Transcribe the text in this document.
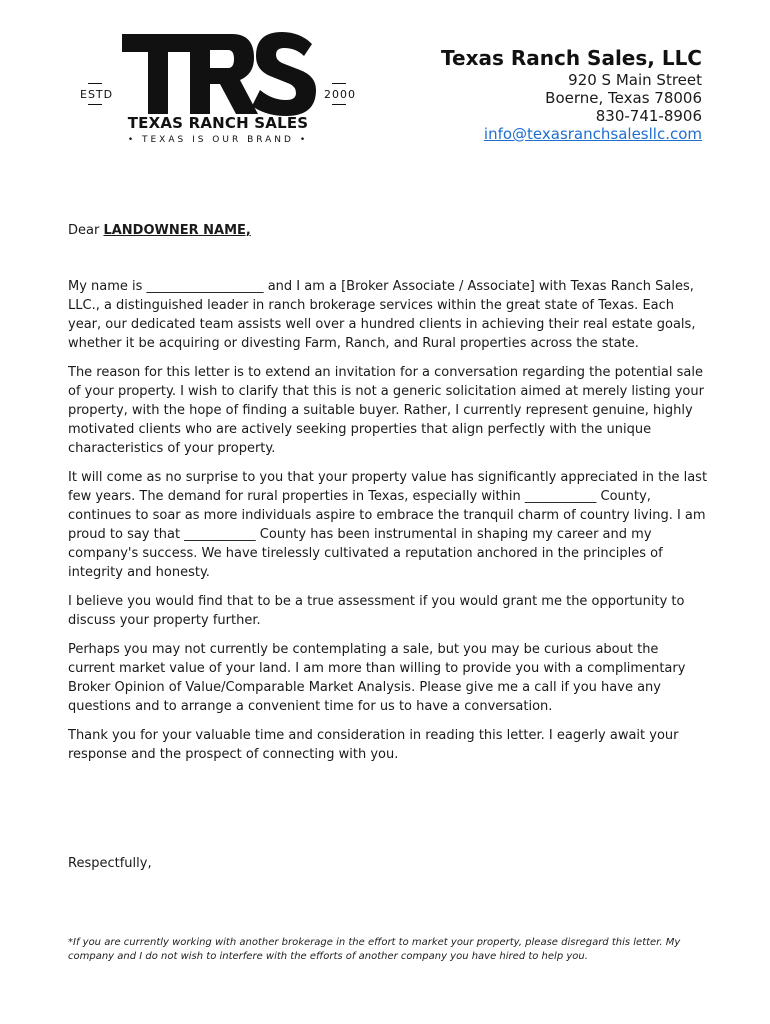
ESTD	2000
TEXAS RANCH SALES
• TEXAS IS OUR BRAND •
Texas Ranch Sales, LLC
920 S Main Street
Boerne, Texas 78006
830-741-8906
info@texasranchsalesllc.com
Dear LANDOWNER NAME,

My name is __________________ and I am a [Broker Associate / Associate] with Texas Ranch Sales, LLC., a distinguished leader in ranch brokerage services within the great state of Texas. Each year, our dedicated team assists well over a hundred clients in achieving their real estate goals, whether it be acquiring or divesting Farm, Ranch, and Rural properties across the state.

The reason for this letter is to extend an invitation for a conversation regarding the potential sale of your property. I wish to clarify that this is not a generic solicitation aimed at merely listing your property, with the hope of finding a suitable buyer. Rather, I currently represent genuine, highly motivated clients who are actively seeking properties that align perfectly with the unique characteristics of your property.

It will come as no surprise to you that your property value has significantly appreciated in the last few years. The demand for rural properties in Texas, especially within ___________ County, continues to soar as more individuals aspire to embrace the tranquil charm of country living. I am proud to say that ___________ County has been instrumental in shaping my career and my company's success. We have tirelessly cultivated a reputation anchored in the principles of integrity and honesty.

I believe you would find that to be a true assessment if you would grant me the opportunity to discuss your property further.

Perhaps you may not currently be contemplating a sale, but you may be curious about the current market value of your land. I am more than willing to provide you with a complimentary Broker Opinion of Value/Comparable Market Analysis. Please give me a call if you have any questions and to arrange a convenient time for us to have a conversation.

Thank you for your valuable time and consideration in reading this letter. I eagerly await your response and the prospect of connecting with you.

Respectfully,
*If you are currently working with another brokerage in the effort to market your property, please disregard this letter. My company and I do not wish to interfere with the efforts of another company you have hired to help you.
